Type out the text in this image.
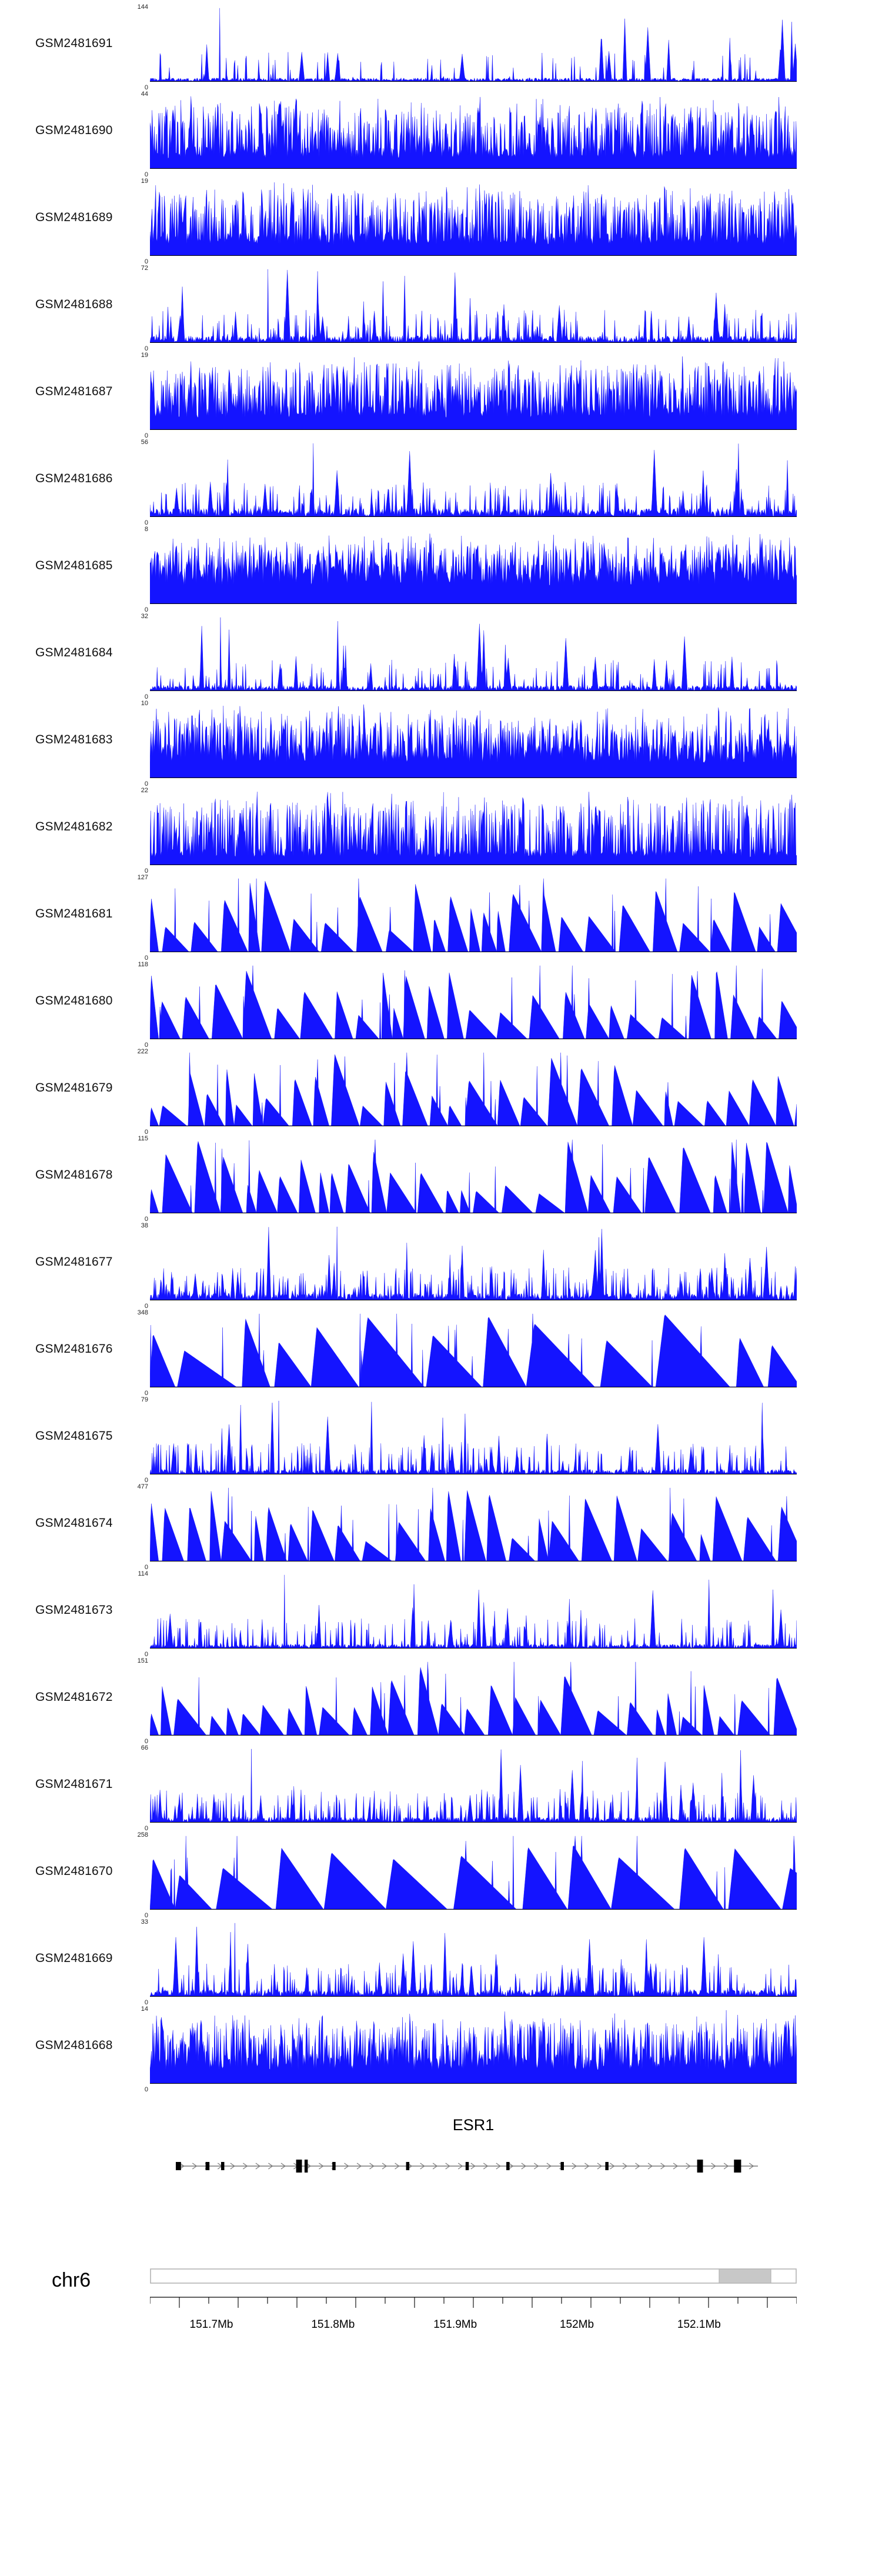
GSM2481691
144
0
GSM2481690
44
0
GSM2481689
19
0
GSM2481688
72
0
GSM2481687
19
0
GSM2481686
56
0
GSM2481685
8
0
GSM2481684
32
0
GSM2481683
10
0
GSM2481682
22
0
GSM2481681
127
0
GSM2481680
118
0
GSM2481679
222
0
GSM2481678
115
0
GSM2481677
38
0
GSM2481676
348
0
GSM2481675
79
0
GSM2481674
477
0
GSM2481673
114
0
GSM2481672
151
0
GSM2481671
66
0
GSM2481670
258
0
GSM2481669
33
0
GSM2481668
14
0
ESR1
chr6
151.7Mb	151.8Mb	151.9Mb	152Mb	152.1Mb
